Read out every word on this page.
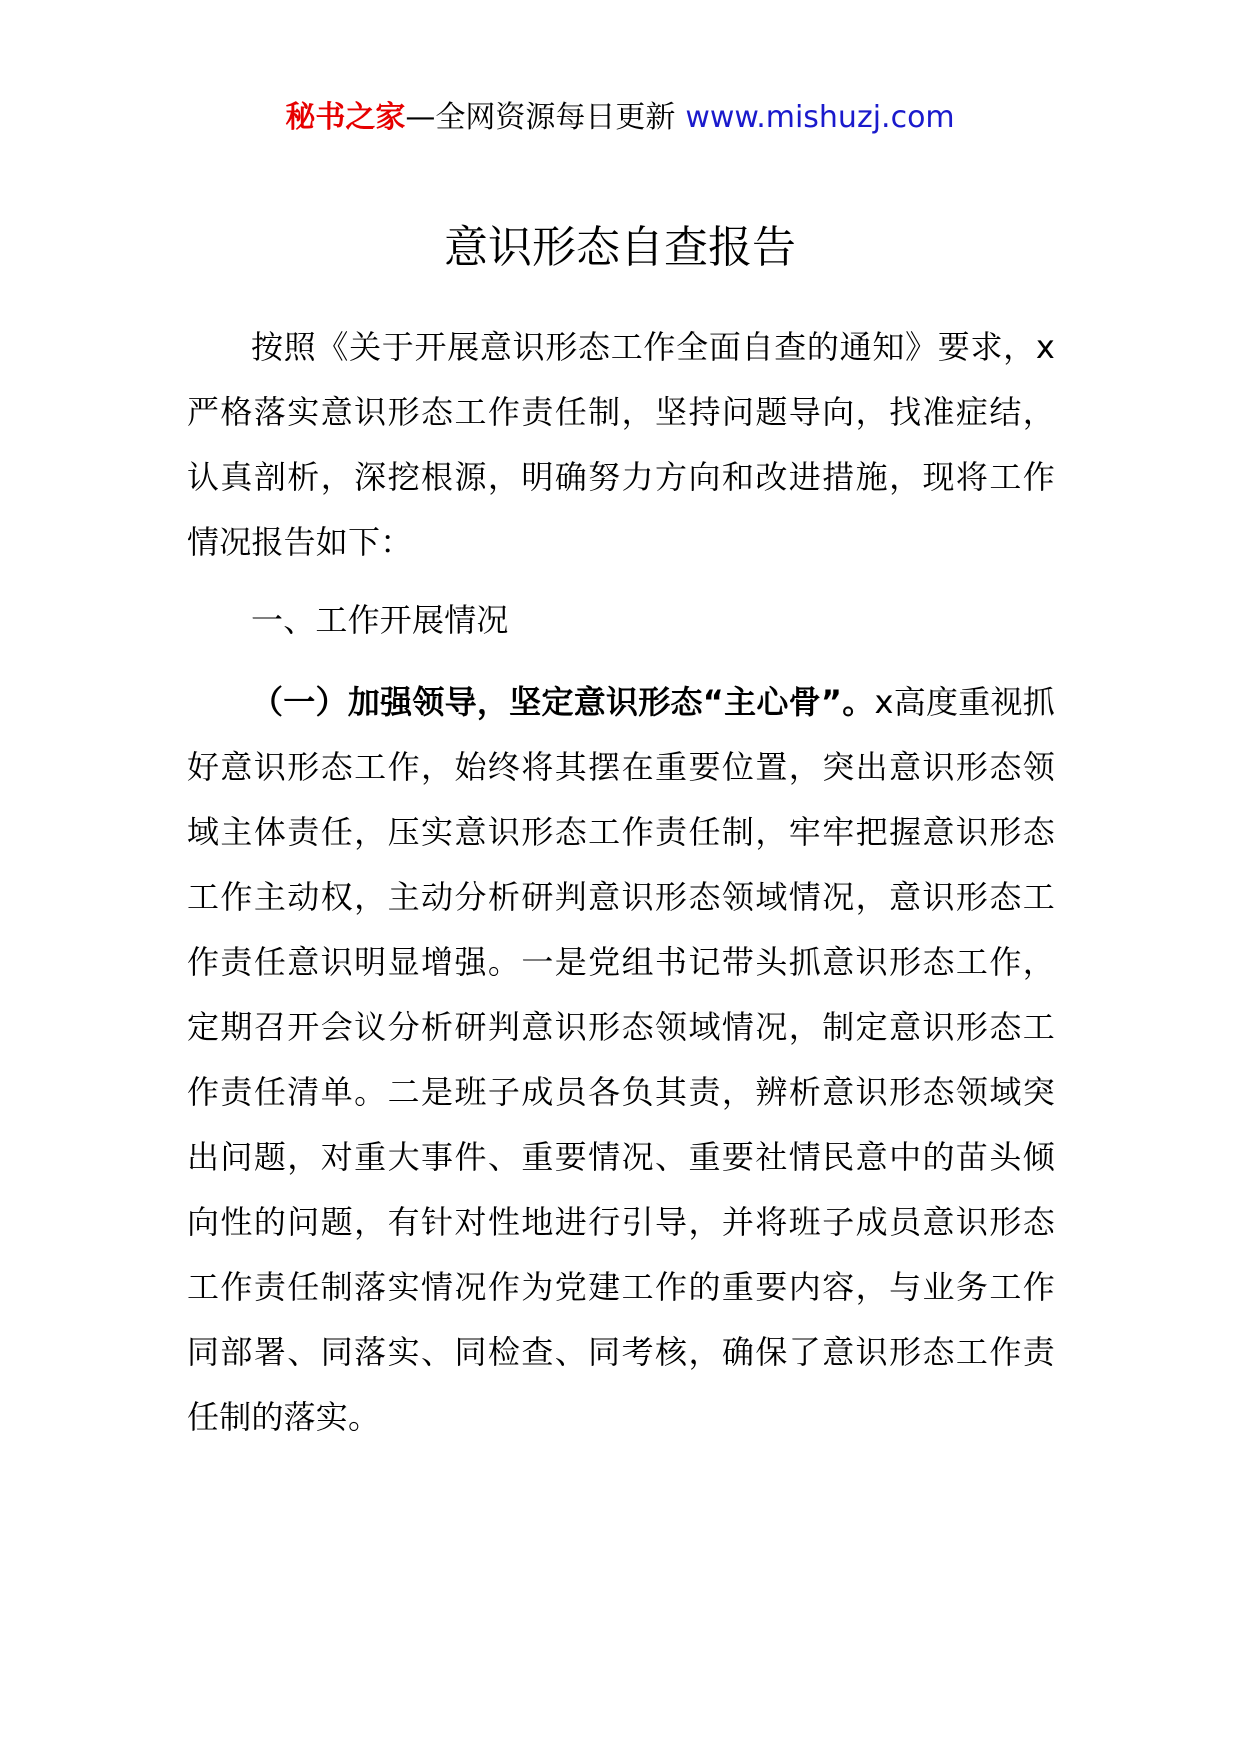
秘书之家—全网资源每日更新 www.mishuzj.com
意识形态自查报告

按照《关于开展意识形态工作全面自查的通知》要求，x严格落实意识形态工作责任制，坚持问题导向，找准症结，认真剖析，深挖根源，明确努力方向和改进措施，现将工作情况报告如下：

一、工作开展情况

（一）加强领导，坚定意识形态“主心骨”。x高度重视抓好意识形态工作，始终将其摆在重要位置，突出意识形态领域主体责任，压实意识形态工作责任制，牢牢把握意识形态工作主动权，主动分析研判意识形态领域情况，意识形态工作责任意识明显增强。一是党组书记带头抓意识形态工作，定期召开会议分析研判意识形态领域情况，制定意识形态工作责任清单。二是班子成员各负其责，辨析意识形态领域突出问题，对重大事件、重要情况、重要社情民意中的苗头倾向性的问题，有针对性地进行引导，并将班子成员意识形态工作责任制落实情况作为党建工作的重要内容，与业务工作同部署、同落实、同检查、同考核，确保了意识形态工作责任制的落实。
